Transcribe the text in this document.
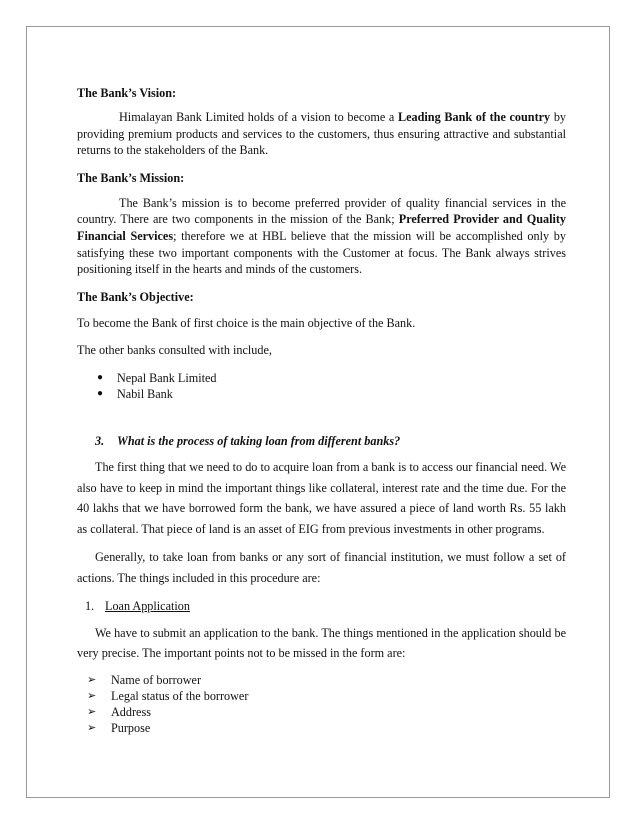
The Bank’s Vision:

Himalayan Bank Limited holds of a vision to become a Leading Bank of the country by providing premium products and services to the customers, thus ensuring attractive and substantial returns to the stakeholders of the Bank.

The Bank’s Mission:

The Bank’s mission is to become preferred provider of quality financial services in the country. There are two components in the mission of the Bank; Preferred Provider and Quality Financial Services; therefore we at HBL believe that the mission will be accomplished only by satisfying these two important components with the Customer at focus. The Bank always strives positioning itself in the hearts and minds of the customers.

The Bank’s Objective:

To become the Bank of first choice is the main objective of the Bank.

The other banks consulted with include,

● Nepal Bank Limited
● Nabil Bank

3. What is the process of taking loan from different banks?

The first thing that we need to do to acquire loan from a bank is to access our financial need. We also have to keep in mind the important things like collateral, interest rate and the time due. For the 40 lakhs that we have borrowed form the bank, we have assured a piece of land worth Rs. 55 lakh as collateral. That piece of land is an asset of EIG from previous investments in other programs.

Generally, to take loan from banks or any sort of financial institution, we must follow a set of actions. The things included in this procedure are:

1. Loan Application

We have to submit an application to the bank. The things mentioned in the application should be very precise. The important points not to be missed in the form are:

➢ Name of borrower
➢ Legal status of the borrower
➢ Address
➢ Purpose
